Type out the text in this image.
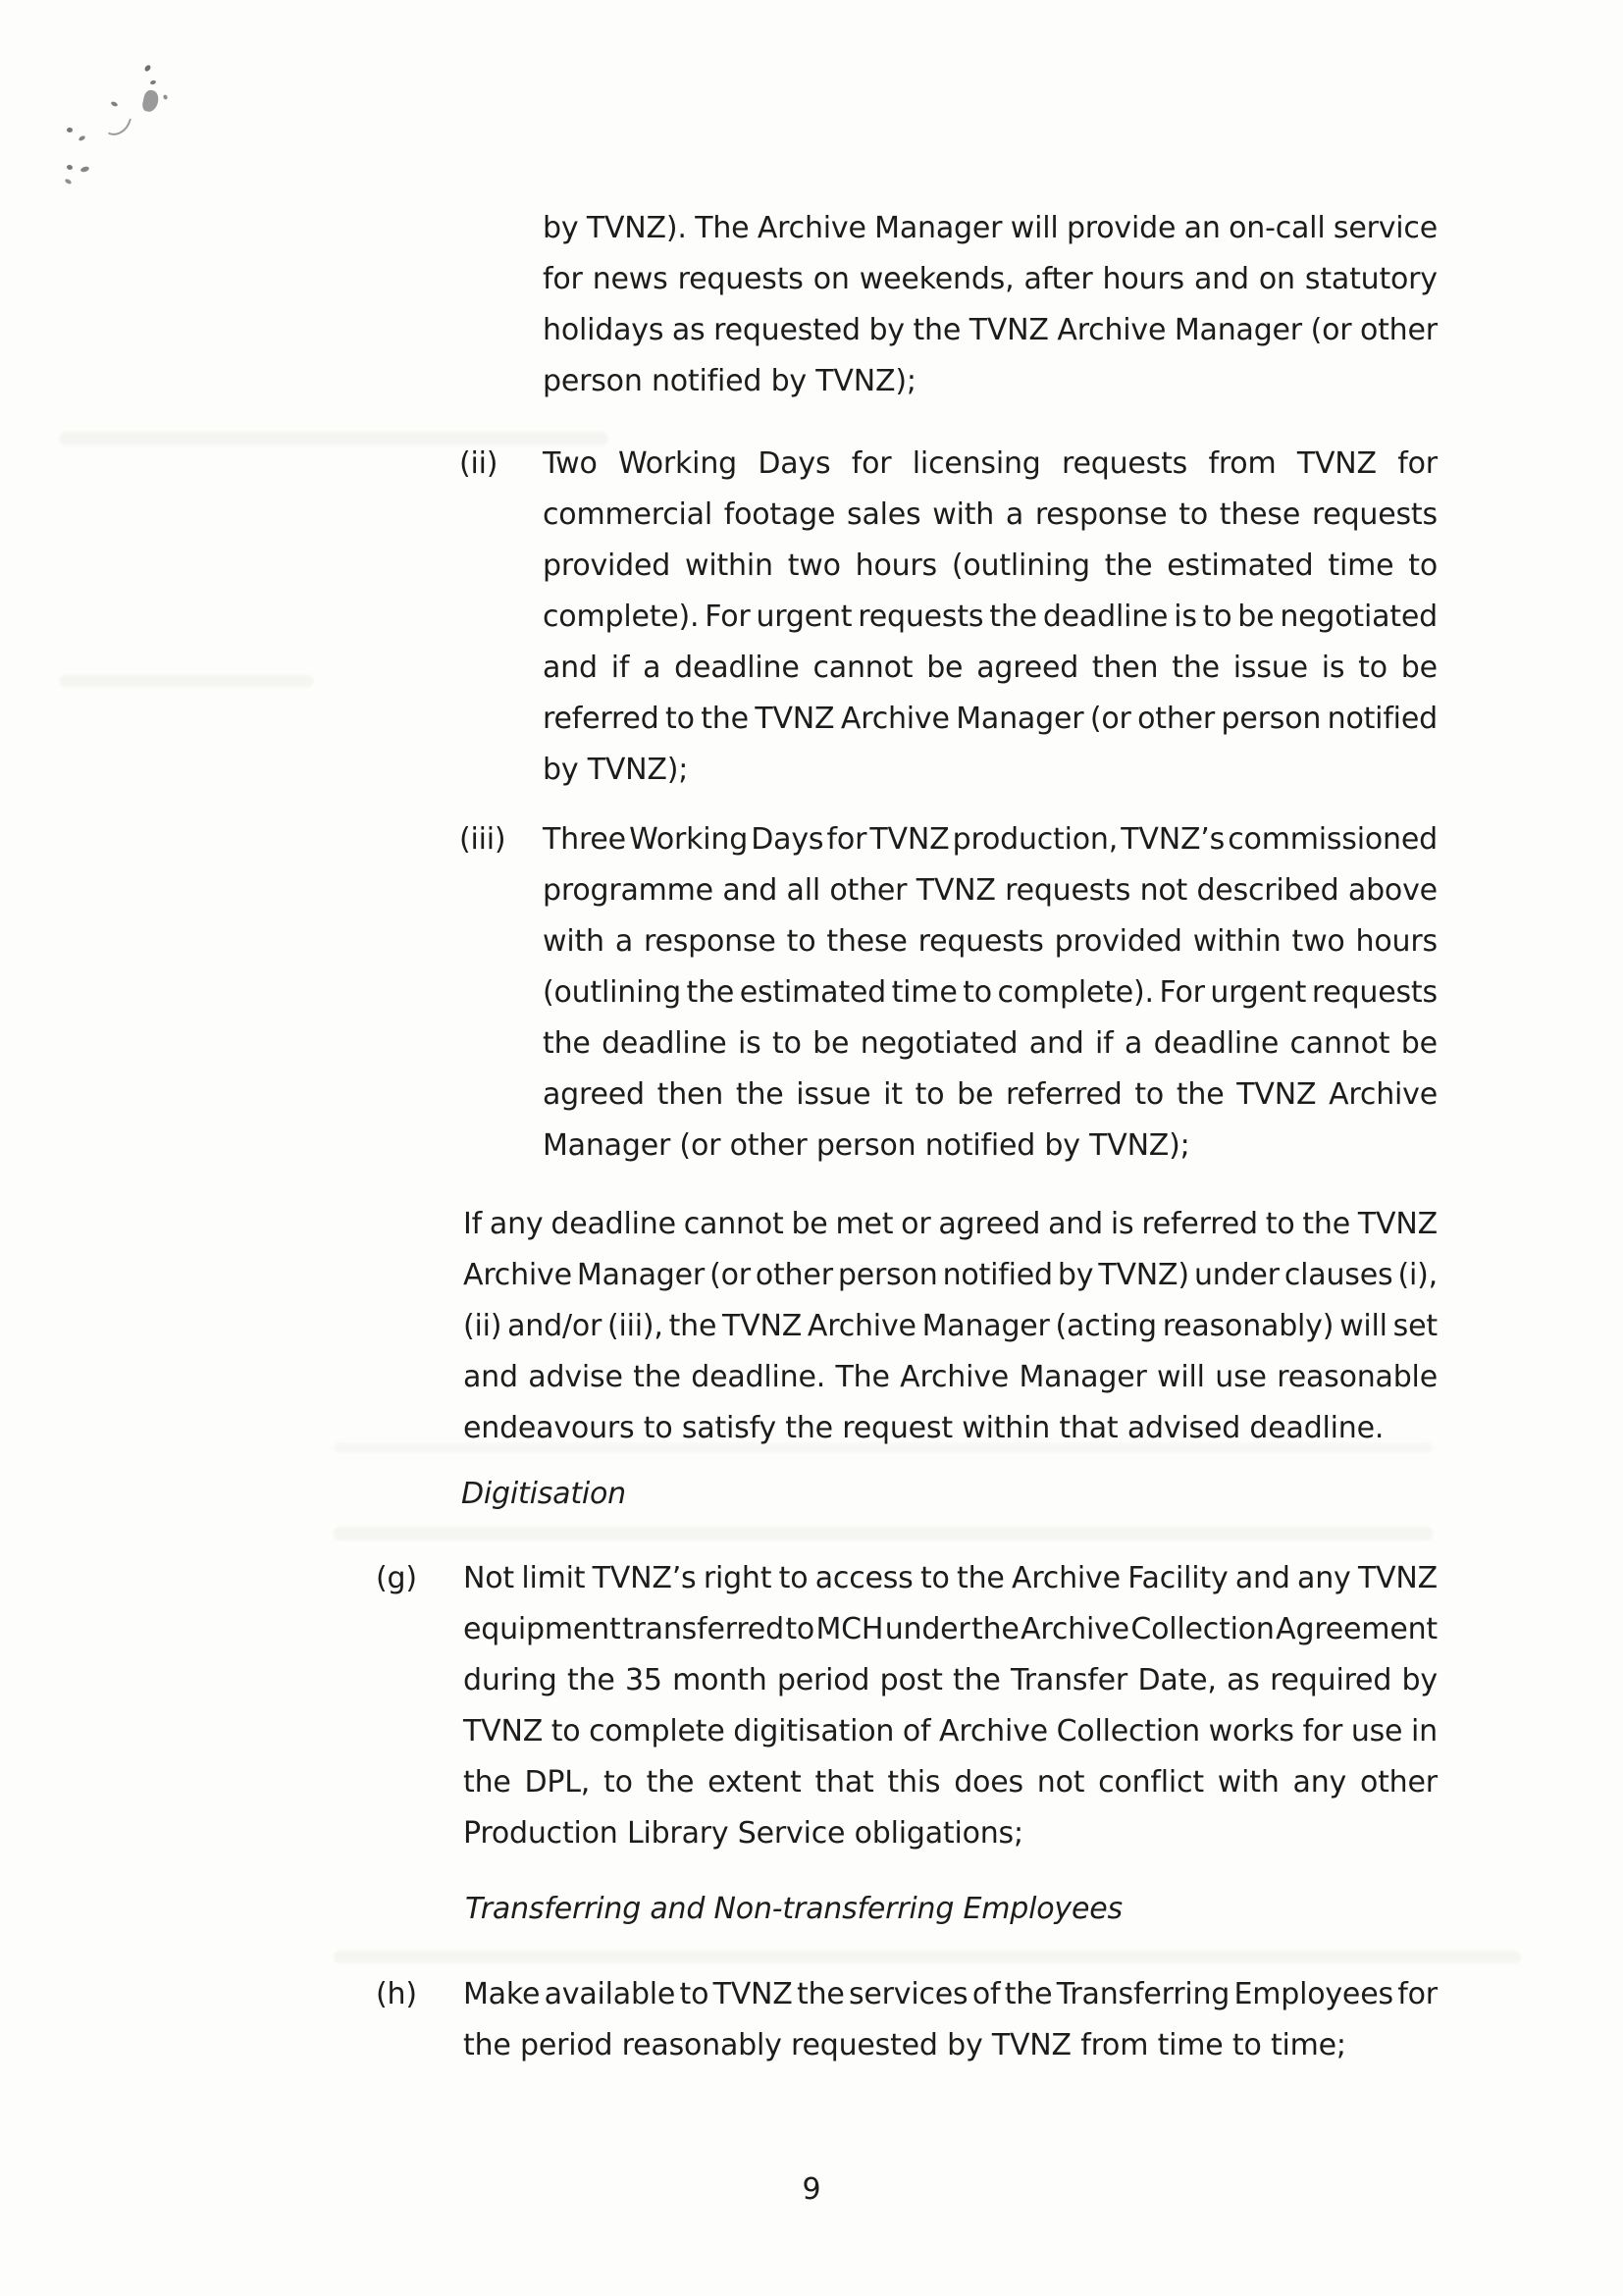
by TVNZ). The Archive Manager will provide an on-call service
for news requests on weekends, after hours and on statutory
holidays as requested by the TVNZ Archive Manager (or other
person notified by TVNZ);
(ii) Two Working Days for licensing requests from TVNZ for
commercial footage sales with a response to these requests
provided within two hours (outlining the estimated time to
complete). For urgent requests the deadline is to be negotiated
and if a deadline cannot be agreed then the issue is to be
referred to the TVNZ Archive Manager (or other person notified
by TVNZ);
(iii) Three Working Days for TVNZ production, TVNZ’s commissioned
programme and all other TVNZ requests not described above
with a response to these requests provided within two hours
(outlining the estimated time to complete). For urgent requests
the deadline is to be negotiated and if a deadline cannot be
agreed then the issue it to be referred to the TVNZ Archive
Manager (or other person notified by TVNZ);
If any deadline cannot be met or agreed and is referred to the TVNZ
Archive Manager (or other person notified by TVNZ) under clauses (i),
(ii) and/or (iii), the TVNZ Archive Manager (acting reasonably) will set
and advise the deadline. The Archive Manager will use reasonable
endeavours to satisfy the request within that advised deadline.
Digitisation
(g) Not limit TVNZ’s right to access to the Archive Facility and any TVNZ
equipment transferred to MCH under the Archive Collection Agreement
during the 35 month period post the Transfer Date, as required by
TVNZ to complete digitisation of Archive Collection works for use in
the DPL, to the extent that this does not conflict with any other
Production Library Service obligations;
Transferring and Non-transferring Employees
(h) Make available to TVNZ the services of the Transferring Employees for
the period reasonably requested by TVNZ from time to time;
9
